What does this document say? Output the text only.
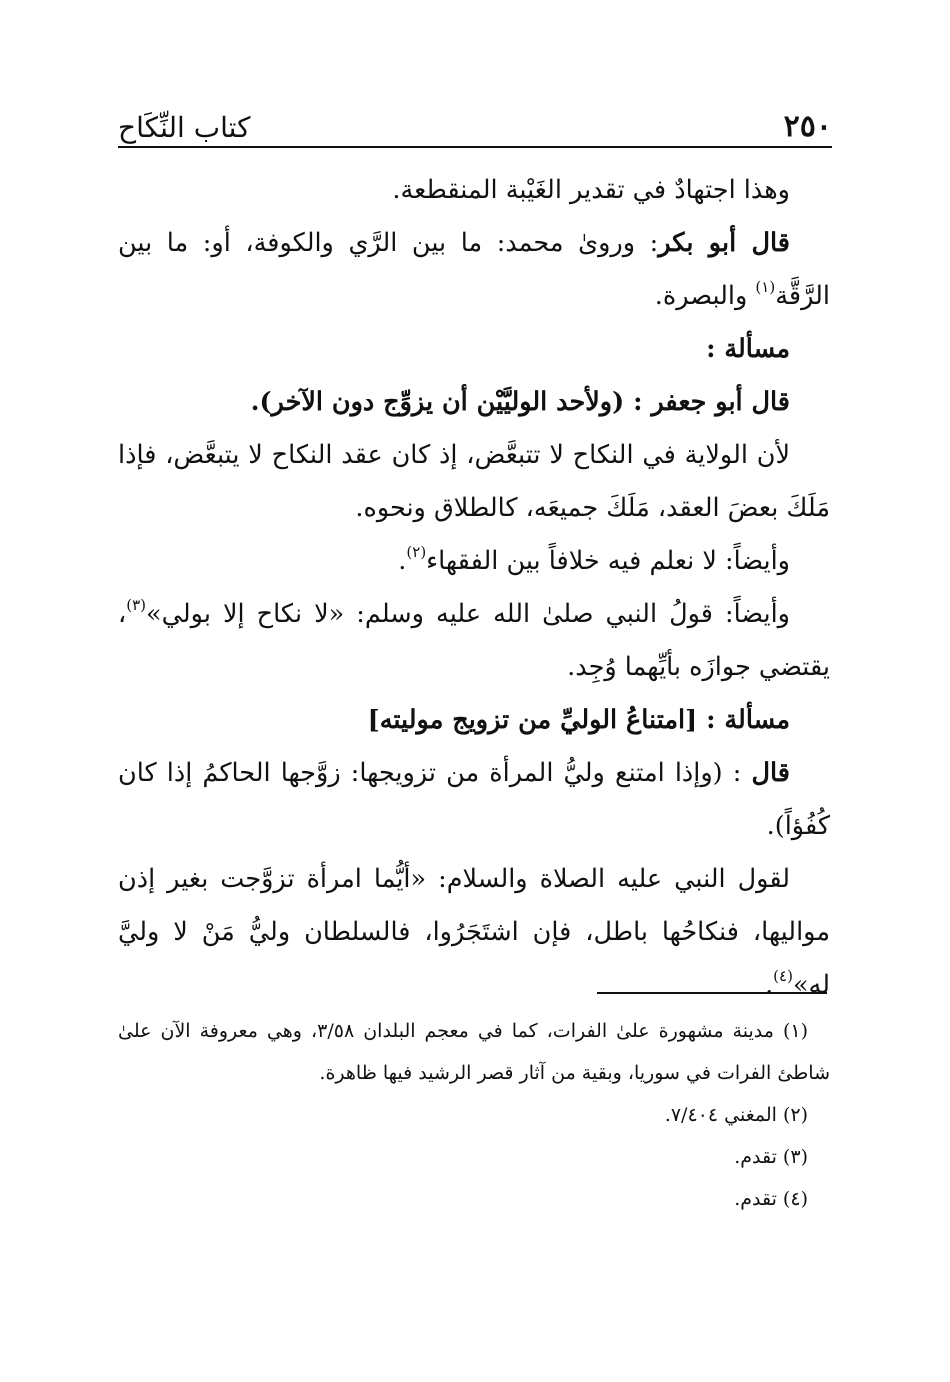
٢٥٠
كتاب النِّكَاح

وهذا اجتهادٌ في تقدير الغَيْبة المنقطعة.

قال أبو بكر: وروىٰ محمد: ما بين الرَّي والكوفة، أو: ما بين الرَّقَّة$^{(١)}$ والبصرة.

مسألة :

قال أبو جعفر : (ولأحد الوليَّيْن أن يزوِّج دون الآخر).

لأن الولاية في النكاح لا تتبعَّض، إذ كان عقد النكاح لا يتبعَّض، فإذا مَلَكَ بعضَ العقد، مَلَكَ جميعَه، كالطلاق ونحوه.

وأيضاً: لا نعلم فيه خلافاً بين الفقهاء$^{(٢)}$.

وأيضاً: قولُ النبي صلىٰ الله عليه وسلم: «لا نكاح إلا بولي»$^{(٣)}$، يقتضي جوازَه بأيِّهما وُجِد.

مسألة : [امتناعُ الوليِّ من تزويج موليته]

قال : (وإذا امتنع وليُّ المرأة من تزويجها: زوَّجها الحاكمُ إذا كان كُفُؤاً).

لقول النبي عليه الصلاة والسلام: «أيُّما امرأة تزوَّجت بغير إذن مواليها، فنكاحُها باطل، فإن اشتَجَرُوا، فالسلطان وليُّ مَنْ لا وليَّ له»$^{(٤)}$.

(١) مدينة مشهورة علىٰ الفرات، كما في معجم البلدان ٣/٥٨، وهي معروفة الآن علىٰ شاطئ الفرات في سوريا، وبقية من آثار قصر الرشيد فيها ظاهرة.

(٢) المغني ٧/٤٠٤.

(٣) تقدم.

(٤) تقدم.
